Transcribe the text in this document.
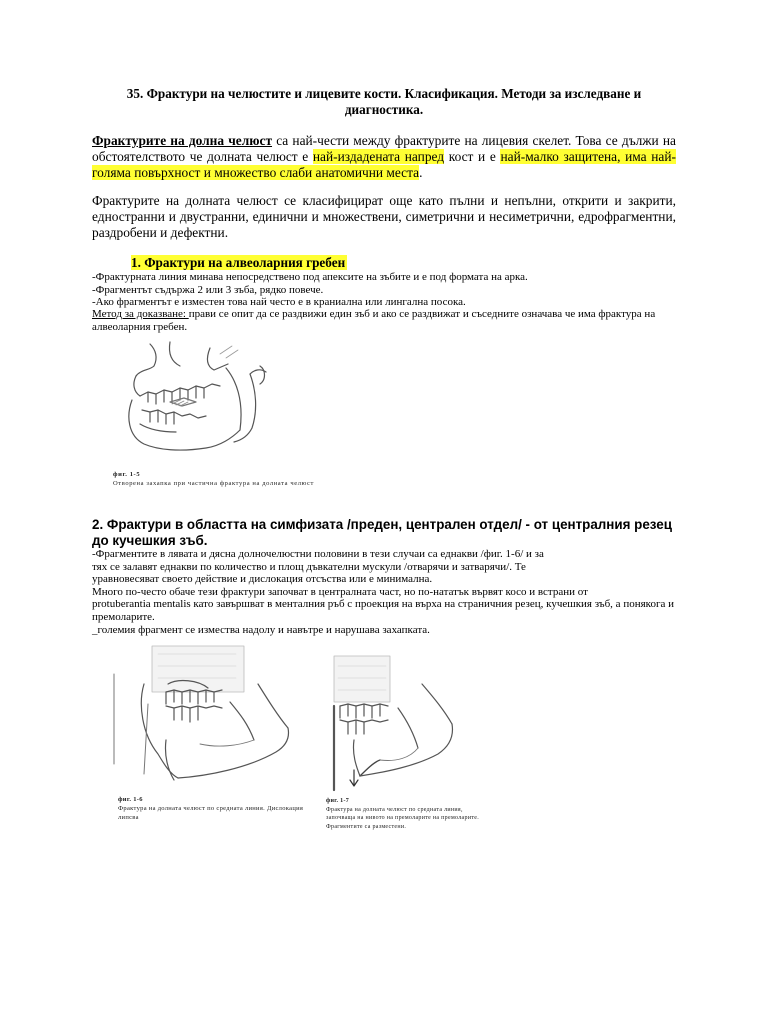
35. Фрактури на челюстите и лицевите кости. Класификация. Методи за изследване и диагностика.
Фрактурите на долна челюст са най-чести между фрактурите на лицевия скелет. Това се дължи на обстоятелството че долната челюст е най-издадената напред кост и е най-малко защитена, има най-голяма повърхност и множество слаби анатомични места.
Фрактурите на долната челюст се класифицират още като пълни и непълни, открити и закрити, едностранни и двустранни, единични и множествени, симетрични и несиметрични, едрофрагментни, раздробени и дефектни.
1. Фрактури на алвеоларния гребен
-Фрактурната линия минава непосредствено под апексите на зъбите и е под формата на арка.
-Фрагментът съдържа 2 или 3 зъба, рядко повече.
-Ако фрагментът е изместен това най често е в краниална или лингална посока.
Метод за доказване: прави се опит да се раздвижи един зъб и ако се раздвижат и съседните означава че има фрактура на алвеоларния гребен.
фиг. 1-5
Отворена захапка при частична фрактура на долната челюст
2. Фрактури в областта на симфизата /преден, централен отдел/ - от централния резец до кучешкия зъб.
-Фрагментите в лявата и дясна долночелюстни половини в тези случаи са еднакви /фиг. 1-6/ и за
тях се залавят еднакви по количество и площ дъвкателни мускули /отварячи и затварячи/. Те
уравновесяват своето действие и дислокация отсъства или е минимална.
Много по-често обаче тези фрактури започват в централната част, но по-нататък вървят косо и встрани от
protuberantia mentalis като завършват в менталния ръб с проекция на върха на страничния резец, кучешкия зъб, а понякога и премоларите.
_големия фрагмент се измества надолу и навътре и нарушава захапката.
фиг. 1-6
Фрактура на долната челюст по средната линия. Дислокация липсва
фиг. 1-7
Фрактура на долната челюст по средната линия, започваща на нивото на премоларите на премоларите. Фрагментите са разместени.
